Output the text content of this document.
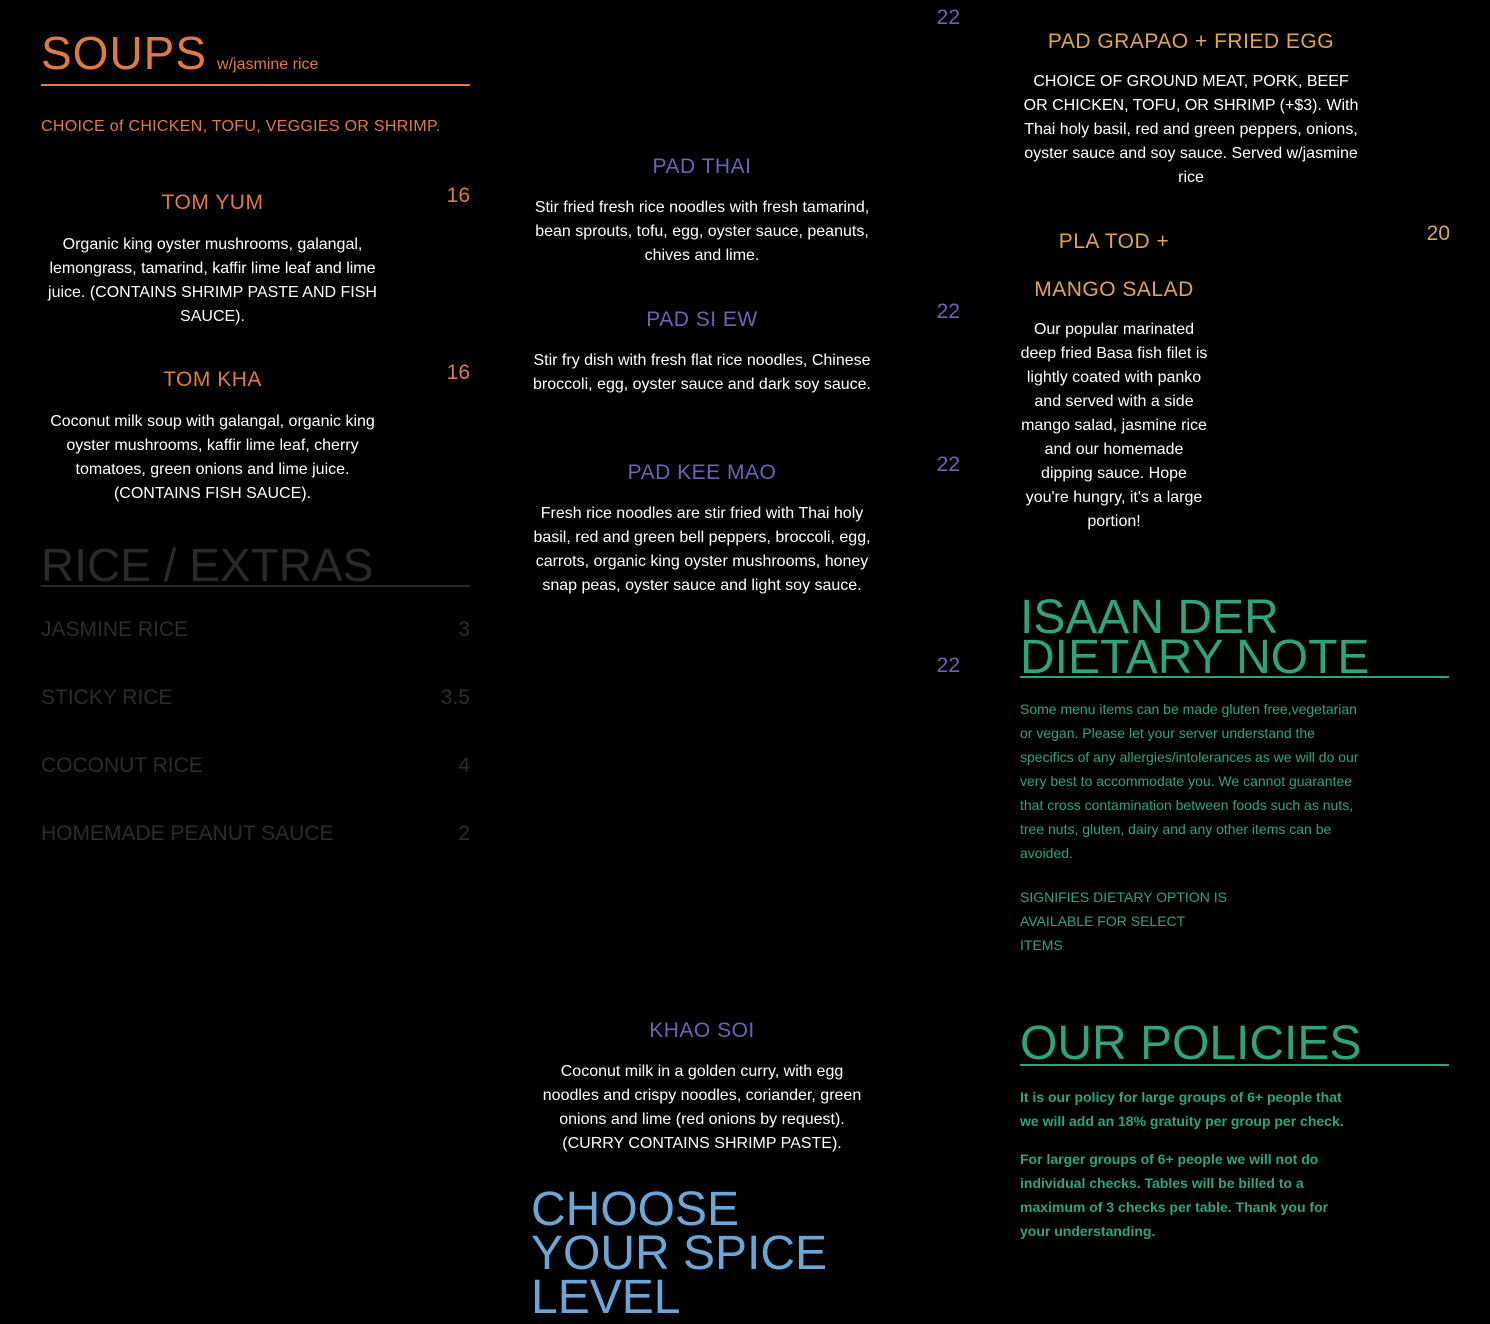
SOUPS w/jasmine rice
CHOICE of CHICKEN, TOFU, VEGGIES OR SHRIMP.
TOM YUM	16
Organic king oyster mushrooms, galangal, lemongrass, tamarind, kaffir lime leaf and lime juice. (CONTAINS SHRIMP PASTE AND FISH SAUCE).
TOM KHA	16
Coconut milk soup with galangal, organic king oyster mushrooms, kaffir lime leaf, cherry tomatoes, green onions and lime juice. (CONTAINS FISH SAUCE).
RICE / EXTRAS
JASMINE RICE	3
STICKY RICE	3.5
COCONUT RICE	4
HOMEMADE PEANUT SAUCE	2
22
PAD THAI
Stir fried fresh rice noodles with fresh tamarind, bean sprouts, tofu, egg, oyster sauce, peanuts, chives and lime.
22
PAD SI EW
Stir fry dish with fresh flat rice noodles, Chinese broccoli, egg, oyster sauce and dark soy sauce.
22
PAD KEE MAO
Fresh rice noodles are stir fried with Thai holy basil, red and green bell peppers, broccoli, egg, carrots, organic king oyster mushrooms, honey snap peas, oyster sauce and light soy sauce.
22
KHAO SOI
Coconut milk in a golden curry, with egg noodles and crispy noodles, coriander, green onions and lime (red onions by request). (CURRY CONTAINS SHRIMP PASTE).
CHOOSE YOUR SPICE LEVEL
PAD GRAPAO + FRIED EGG
CHOICE OF GROUND MEAT, PORK, BEEF OR CHICKEN, TOFU, OR SHRIMP (+$3). With Thai holy basil, red and green peppers, onions, oyster sauce and soy sauce. Served w/jasmine rice
PLA TOD +	20
MANGO SALAD
Our popular marinated deep fried Basa fish filet is lightly coated with panko and served with a side mango salad, jasmine rice and our homemade dipping sauce. Hope you're hungry, it's a large portion!
ISAAN DER
DIETARY NOTE
Some menu items can be made gluten free,vegetarian or vegan. Please let your server understand the specifics of any allergies/intolerances as we will do our very best to accommodate you. We cannot guarantee that cross contamination between foods such as nuts, tree nuts, gluten, dairy and any other items can be avoided.
SIGNIFIES DIETARY OPTION IS AVAILABLE FOR SELECT ITEMS
OUR POLICIES
It is our policy for large groups of 6+ people that we will add an 18% gratuity per group per check.
For larger groups of 6+ people we will not do individual checks. Tables will be billed to a maximum of 3 checks per table. Thank you for your understanding.
